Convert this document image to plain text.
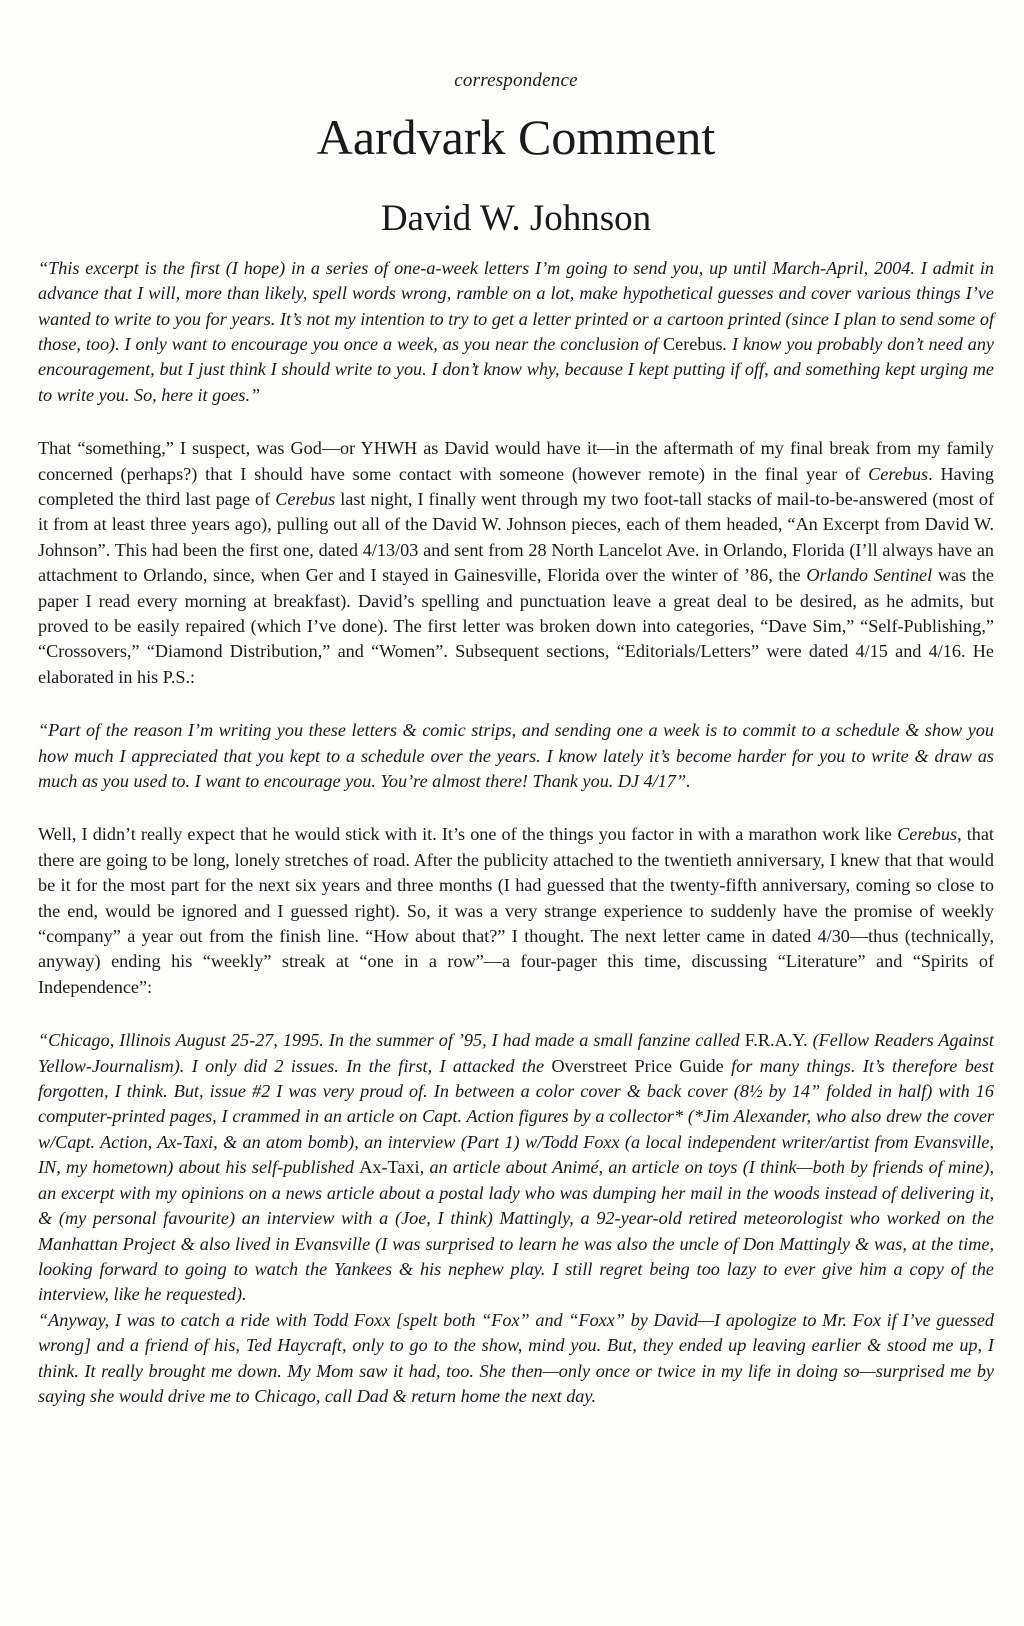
correspondence
Aardvark Comment
David W. Johnson

“This excerpt is the first (I hope) in a series of one-a-week letters I’m going to send you, up until March-April, 2004. I admit in advance that I will, more than likely, spell words wrong, ramble on a lot, make hypothetical guesses and cover various things I’ve wanted to write to you for years. It’s not my intention to try to get a letter printed or a cartoon printed (since I plan to send some of those, too). I only want to encourage you once a week, as you near the conclusion of Cerebus. I know you probably don’t need any encouragement, but I just think I should write to you. I don’t know why, because I kept putting if off, and something kept urging me to write you. So, here it goes.”

That “something,” I suspect, was God—or YHWH as David would have it—in the aftermath of my final break from my family concerned (perhaps?) that I should have some contact with someone (however remote) in the final year of Cerebus. Having completed the third last page of Cerebus last night, I finally went through my two foot-tall stacks of mail-to-be-answered (most of it from at least three years ago), pulling out all of the David W. Johnson pieces, each of them headed, “An Excerpt from David W. Johnson”. This had been the first one, dated 4/13/03 and sent from 28 North Lancelot Ave. in Orlando, Florida (I’ll always have an attachment to Orlando, since, when Ger and I stayed in Gainesville, Florida over the winter of ’86, the Orlando Sentinel was the paper I read every morning at breakfast). David’s spelling and punctuation leave a great deal to be desired, as he admits, but proved to be easily repaired (which I’ve done). The first letter was broken down into categories, “Dave Sim,” “Self-Publishing,” “Crossovers,” “Diamond Distribution,” and “Women”. Subsequent sections, “Editorials/Letters” were dated 4/15 and 4/16. He elaborated in his P.S.:

“Part of the reason I’m writing you these letters & comic strips, and sending one a week is to commit to a schedule & show you how much I appreciated that you kept to a schedule over the years. I know lately it’s become harder for you to write & draw as much as you used to. I want to encourage you. You’re almost there! Thank you. DJ 4/17”.

Well, I didn’t really expect that he would stick with it. It’s one of the things you factor in with a marathon work like Cerebus, that there are going to be long, lonely stretches of road. After the publicity attached to the twentieth anniversary, I knew that that would be it for the most part for the next six years and three months (I had guessed that the twenty-fifth anniversary, coming so close to the end, would be ignored and I guessed right). So, it was a very strange experience to suddenly have the promise of weekly “company” a year out from the finish line. “How about that?” I thought. The next letter came in dated 4/30—thus (technically, anyway) ending his “weekly” streak at “one in a row”—a four-pager this time, discussing “Literature” and “Spirits of Independence”:

“Chicago, Illinois August 25-27, 1995. In the summer of ’95, I had made a small fanzine called F.R.A.Y. (Fellow Readers Against Yellow-Journalism). I only did 2 issues. In the first, I attacked the Overstreet Price Guide for many things. It’s therefore best forgotten, I think. But, issue #2 I was very proud of. In between a color cover & back cover (8½ by 14” folded in half) with 16 computer-printed pages, I crammed in an article on Capt. Action figures by a collector* (*Jim Alexander, who also drew the cover w/Capt. Action, Ax-Taxi, & an atom bomb), an interview (Part 1) w/Todd Foxx (a local independent writer/artist from Evansville, IN, my hometown) about his self-published Ax-Taxi, an article about Animé, an article on toys (I think—both by friends of mine), an excerpt with my opinions on a news article about a postal lady who was dumping her mail in the woods instead of delivering it, & (my personal favourite) an interview with a (Joe, I think) Mattingly, a 92-year-old retired meteorologist who worked on the Manhattan Project & also lived in Evansville (I was surprised to learn he was also the uncle of Don Mattingly & was, at the time, looking forward to going to watch the Yankees & his nephew play. I still regret being too lazy to ever give him a copy of the interview, like he requested).

“Anyway, I was to catch a ride with Todd Foxx [spelt both “Fox” and “Foxx” by David—I apologize to Mr. Fox if I’ve guessed wrong] and a friend of his, Ted Haycraft, only to go to the show, mind you. But, they ended up leaving earlier & stood me up, I think. It really brought me down. My Mom saw it had, too. She then—only once or twice in my life in doing so—surprised me by saying she would drive me to Chicago, call Dad & return home the next day.
